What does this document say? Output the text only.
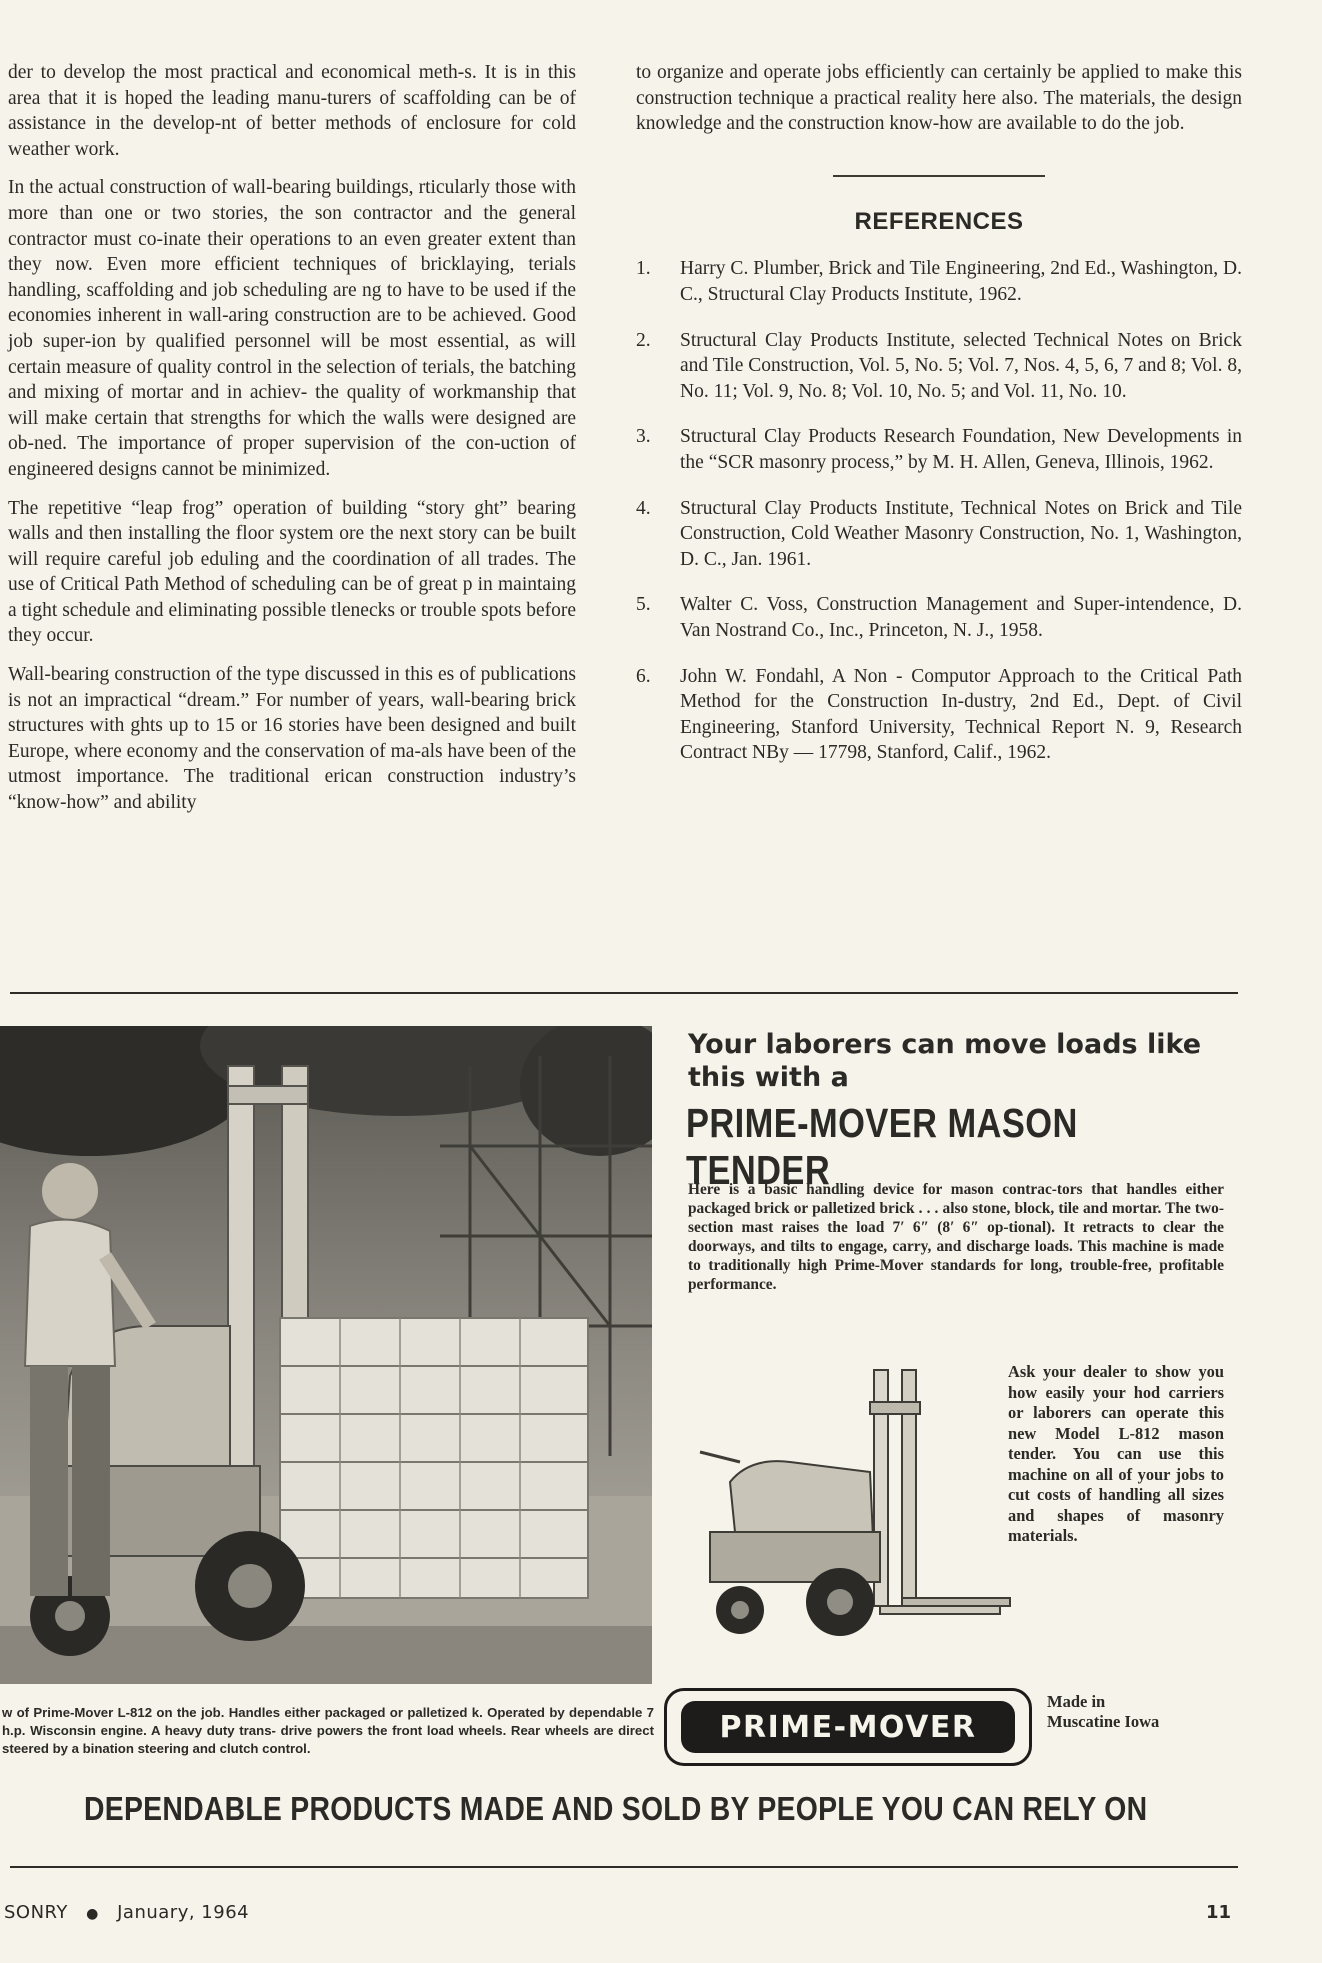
der to develop the most practical and economical meth-s. It is in this area that it is hoped the leading manu-turers of scaffolding can be of assistance in the develop-nt of better methods of enclosure for cold weather work.

In the actual construction of wall-bearing buildings, rticularly those with more than one or two stories, the son contractor and the general contractor must co-inate their operations to an even greater extent than they now. Even more efficient techniques of bricklaying, terials handling, scaffolding and job scheduling are ng to have to be used if the economies inherent in wall-aring construction are to be achieved. Good job super-ion by qualified personnel will be most essential, as will certain measure of quality control in the selection of terials, the batching and mixing of mortar and in achiev- the quality of workmanship that will make certain that strengths for which the walls were designed are ob-ned. The importance of proper supervision of the con-uction of engineered designs cannot be minimized.

The repetitive “leap frog” operation of building “story ght” bearing walls and then installing the floor system ore the next story can be built will require careful job eduling and the coordination of all trades. The use of Critical Path Method of scheduling can be of great p in maintaing a tight schedule and eliminating possible tlenecks or trouble spots before they occur.

Wall-bearing construction of the type discussed in this es of publications is not an impractical “dream.” For number of years, wall-bearing brick structures with ghts up to 15 or 16 stories have been designed and built Europe, where economy and the conservation of ma-als have been of the utmost importance. The traditional erican construction industry’s “know-how” and ability

to organize and operate jobs efficiently can certainly be applied to make this construction technique a practical reality here also. The materials, the design knowledge and the construction know-how are available to do the job.

REFERENCES
1.	Harry C. Plumber, Brick and Tile Engineering, 2nd Ed., Washington, D. C., Structural Clay Products Institute, 1962.
2.	Structural Clay Products Institute, selected Technical Notes on Brick and Tile Construction, Vol. 5, No. 5; Vol. 7, Nos. 4, 5, 6, 7 and 8; Vol. 8, No. 11; Vol. 9, No. 8; Vol. 10, No. 5; and Vol. 11, No. 10.
3.	Structural Clay Products Research Foundation, New Developments in the “SCR masonry process,” by M. H. Allen, Geneva, Illinois, 1962.
4.	Structural Clay Products Institute, Technical Notes on Brick and Tile Construction, Cold Weather Masonry Construction, No. 1, Washington, D. C., Jan. 1961.
5.	Walter C. Voss, Construction Management and Super-intendence, D. Van Nostrand Co., Inc., Princeton, N. J., 1958.
6.	John W. Fondahl, A Non - Computor Approach to the Critical Path Method for the Construction In-dustry, 2nd Ed., Dept. of Civil Engineering, Stanford University, Technical Report N. 9, Research Contract NBy — 17798, Stanford, Calif., 1962.
w of Prime-Mover L-812 on the job. Handles either packaged or palletized k. Operated by dependable 7 h.p. Wisconsin engine. A heavy duty trans- drive powers the front load wheels. Rear wheels are direct steered by a bination steering and clutch control.
Your laborers can move loads like this with a
PRIME-MOVER MASON TENDER
Here is a basic handling device for mason contrac-tors that handles either packaged brick or palletized brick . . . also stone, block, tile and mortar. The two-section mast raises the load 7′ 6″ (8′ 6″ op-tional). It retracts to clear the doorways, and tilts to engage, carry, and discharge loads. This machine is made to traditionally high Prime-Mover standards for long, trouble-free, profitable performance.
Ask your dealer to show you how easily your hod carriers or laborers can operate this new Model L-812 mason tender. You can use this machine on all of your jobs to cut costs of handling all sizes and shapes of masonry materials.
PRIME-MOVER
Made in Muscatine Iowa
DEPENDABLE PRODUCTS MADE AND SOLD BY PEOPLE YOU CAN RELY ON
SONRY ● January, 1964	11
